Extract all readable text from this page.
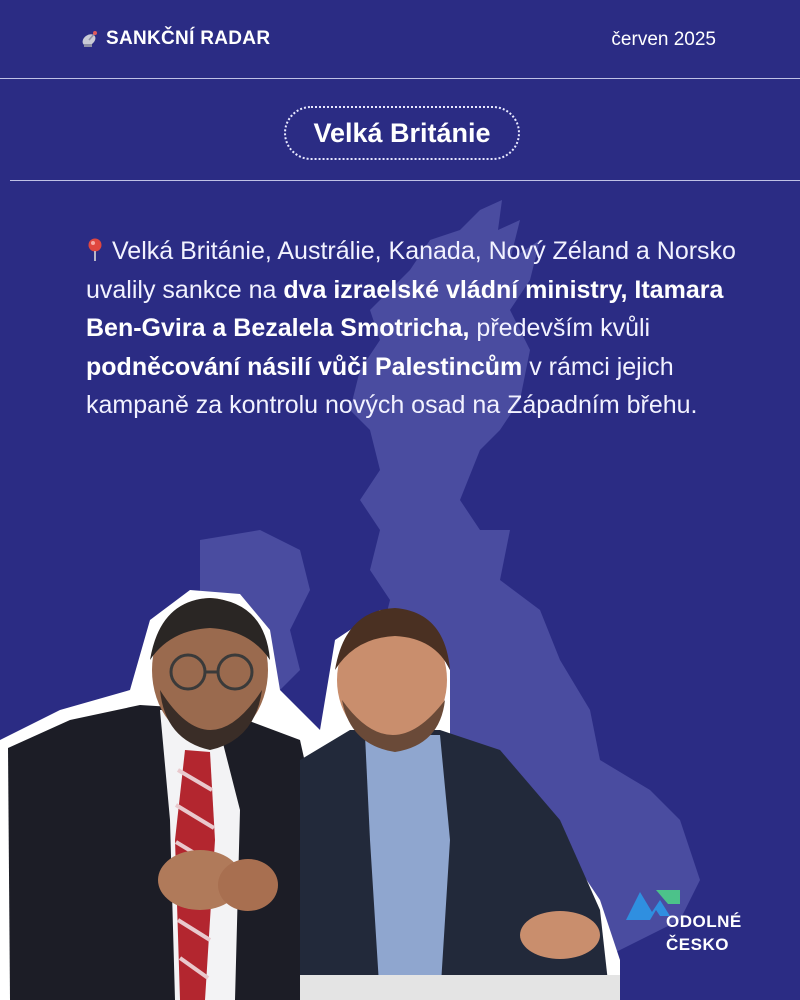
SANKČNÍ RADAR	červen 2025
Velká Británie
Velká Británie, Austrálie, Kanada, Nový Zéland a Norsko uvalily sankce na dva izraelské vládní ministry, Itamara Ben-Gvira a Bezalela Smotricha, především kvůli podněcování násilí vůči Palestincům v rámci jejich kampaně za kontrolu nových osad na Západním břehu.
ODOLNÉ
ČESKO
